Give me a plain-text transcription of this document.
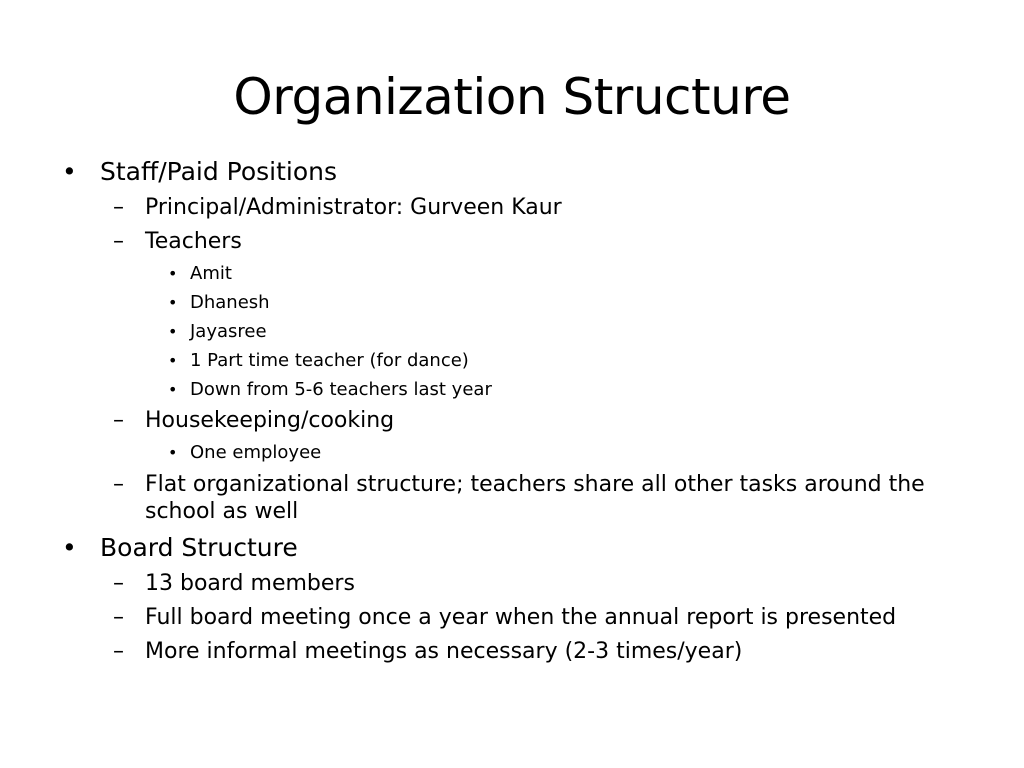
Organization Structure
• Staff/Paid Positions
– Principal/Administrator: Gurveen Kaur
– Teachers
• Amit
• Dhanesh
• Jayasree
• 1 Part time teacher (for dance)
• Down from 5-6 teachers last year
– Housekeeping/cooking
• One employee
– Flat organizational structure; teachers share all other tasks around the
school as well
• Board Structure
– 13 board members
– Full board meeting once a year when the annual report is presented
– More informal meetings as necessary (2-3 times/year)
